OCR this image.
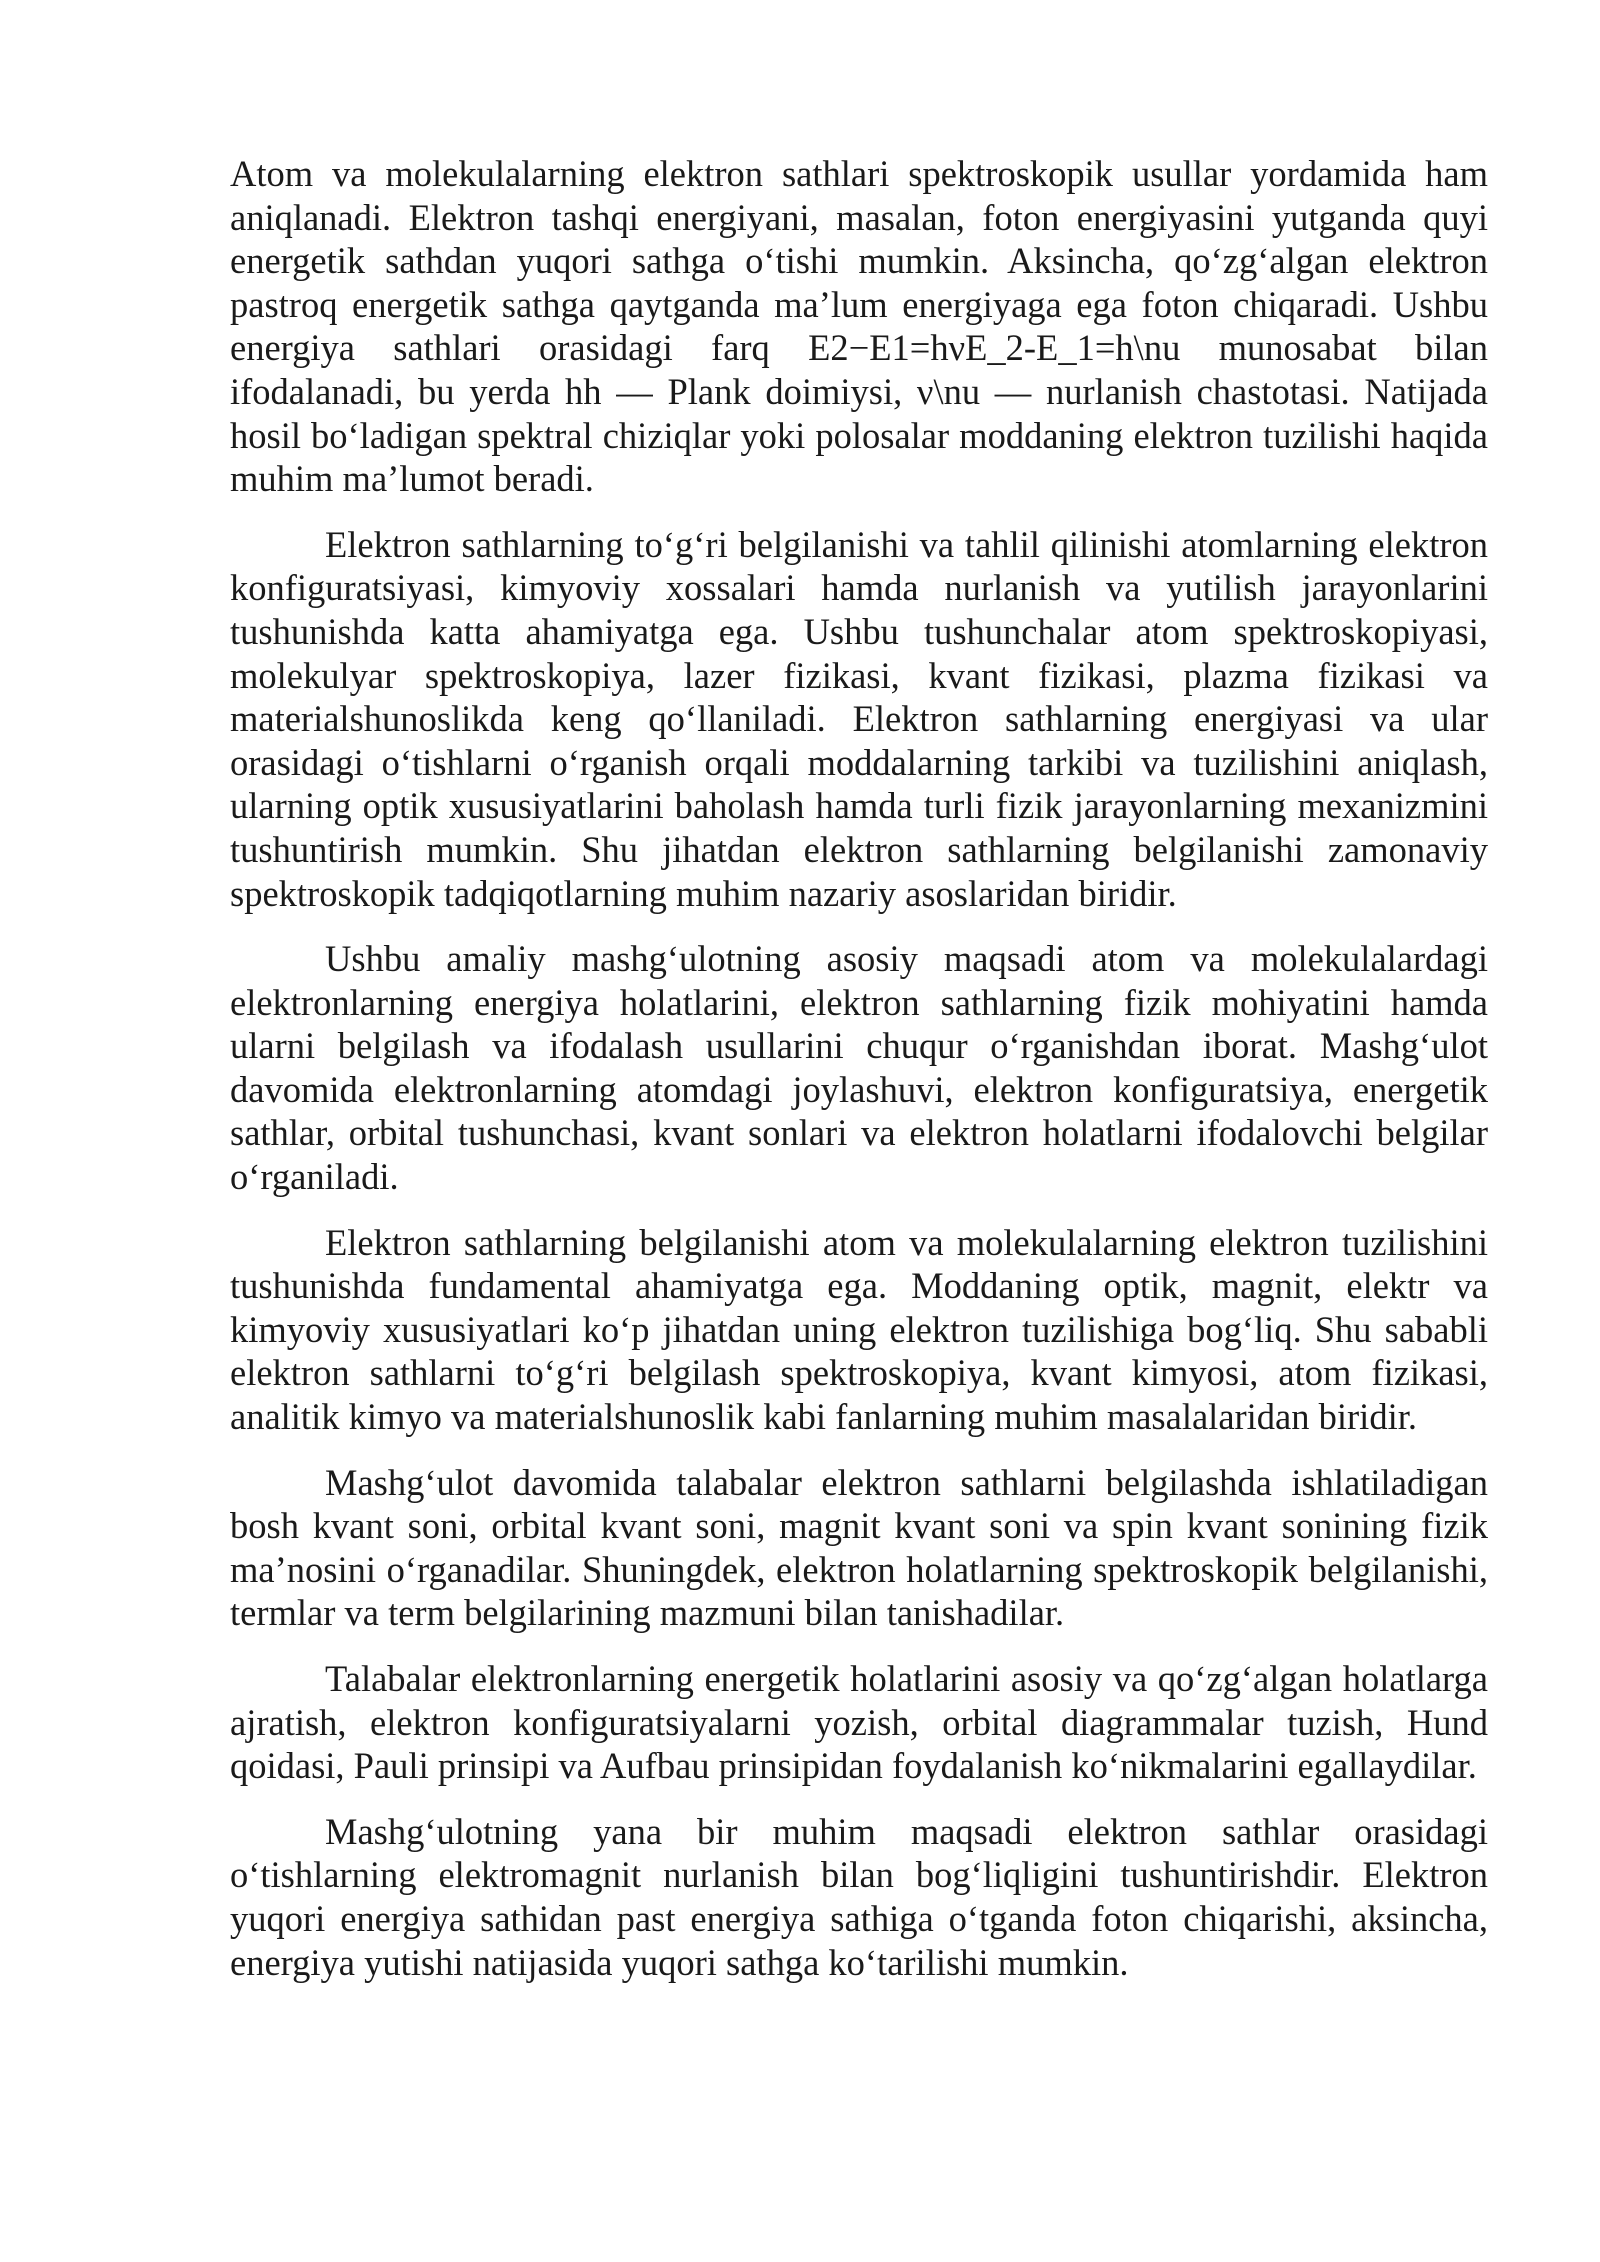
Atom va molekulalarning elektron sathlari spektroskopik usullar yordamida ham aniqlanadi. Elektron tashqi energiyani, masalan, foton energiyasini yutganda quyi energetik sathdan yuqori sathga o‘tishi mumkin. Aksincha, qo‘zg‘algan elektron pastroq energetik sathga qaytganda ma’lum energiyaga ega foton chiqaradi. Ushbu energiya sathlari orasidagi farq E2−E1=hνE_2-E_1=h\nu munosabat bilan ifodalanadi, bu yerda hh — Plank doimiysi, ν\nu — nurlanish chastotasi. Natijada hosil bo‘ladigan spektral chiziqlar yoki polosalar moddaning elektron tuzilishi haqida muhim ma’lumot beradi.

Elektron sathlarning to‘g‘ri belgilanishi va tahlil qilinishi atomlarning elektron konfiguratsiyasi, kimyoviy xossalari hamda nurlanish va yutilish jarayonlarini tushunishda katta ahamiyatga ega. Ushbu tushunchalar atom spektroskopiyasi, molekulyar spektroskopiya, lazer fizikasi, kvant fizikasi, plazma fizikasi va materialshunoslikda keng qo‘llaniladi. Elektron sathlarning energiyasi va ular orasidagi o‘tishlarni o‘rganish orqali moddalarning tarkibi va tuzilishini aniqlash, ularning optik xususiyatlarini baholash hamda turli fizik jarayonlarning mexanizmini tushuntirish mumkin. Shu jihatdan elektron sathlarning belgilanishi zamonaviy spektroskopik tadqiqotlarning muhim nazariy asoslaridan biridir.

Ushbu amaliy mashg‘ulotning asosiy maqsadi atom va molekulalardagi elektronlarning energiya holatlarini, elektron sathlarning fizik mohiyatini hamda ularni belgilash va ifodalash usullarini chuqur o‘rganishdan iborat. Mashg‘ulot davomida elektronlarning atomdagi joylashuvi, elektron konfiguratsiya, energetik sathlar, orbital tushunchasi, kvant sonlari va elektron holatlarni ifodalovchi belgilar o‘rganiladi.

Elektron sathlarning belgilanishi atom va molekulalarning elektron tuzilishini tushunishda fundamental ahamiyatga ega. Moddaning optik, magnit, elektr va kimyoviy xususiyatlari ko‘p jihatdan uning elektron tuzilishiga bog‘liq. Shu sababli elektron sathlarni to‘g‘ri belgilash spektroskopiya, kvant kimyosi, atom fizikasi, analitik kimyo va materialshunoslik kabi fanlarning muhim masalalaridan biridir.

Mashg‘ulot davomida talabalar elektron sathlarni belgilashda ishlatiladigan bosh kvant soni, orbital kvant soni, magnit kvant soni va spin kvant sonining fizik ma’nosini o‘rganadilar. Shuningdek, elektron holatlarning spektroskopik belgilanishi, termlar va term belgilarining mazmuni bilan tanishadilar.

Talabalar elektronlarning energetik holatlarini asosiy va qo‘zg‘algan holatlarga ajratish, elektron konfiguratsiyalarni yozish, orbital diagrammalar tuzish, Hund qoidasi, Pauli prinsipi va Aufbau prinsipidan foydalanish ko‘nikmalarini egallaydilar.

Mashg‘ulotning yana bir muhim maqsadi elektron sathlar orasidagi o‘tishlarning elektromagnit nurlanish bilan bog‘liqligini tushuntirishdir. Elektron yuqori energiya sathidan past energiya sathiga o‘tganda foton chiqarishi, aksincha, energiya yutishi natijasida yuqori sathga ko‘tarilishi mumkin.
